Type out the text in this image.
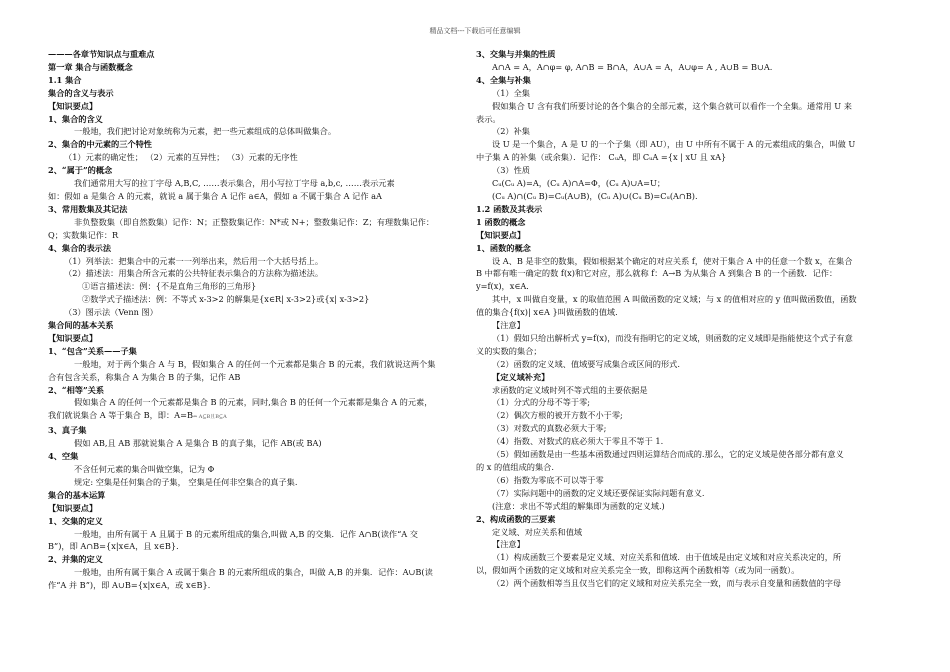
精品文档---下载后可任意编辑
———各章节知识点与重难点
第一章 集合与函数概念
1.1 集合
集合的含义与表示
【知识要点】
1、集合的含义
一般地，我们把讨论对象统称为元素，把一些元素组成的总体叫做集合。
2、集合的中元素的三个特性
（1）元素的确定性； （2）元素的互异性； （3）元素的无序性
2、“属于”的概念
我们通常用大写的拉丁字母 A,B,C, ……表示集合，用小写拉丁字母 a,b,c, ……表示元素
如：假如 a 是集合 A 的元素，就说 a 属于集合 A 记作 a∈A，假如 a 不属于集合 A 记作 aA
3、常用数集及其记法
非负整数集（即自然数集）记作：N；正整数集记作：N*或 N+；整数集记作：Z；有理数集记作：
Q；实数集记作：R
4、集合的表示法
（1）列举法：把集合中的元素一一列举出来，然后用一个大括号括上。
（2）描述法：用集合所含元素的公共特征表示集合的方法称为描述法。
①语言描述法：例：{不是直角三角形的三角形}
②数学式子描述法：例：不等式 x-3>2 的解集是{x∈R| x-3>2}或{x| x-3>2}
（3）图示法（Venn 图）
集合间的基本关系
【知识要点】
1、“包含”关系——子集
一般地，对于两个集合 A 与 B，假如集合 A 的任何一个元素都是集合 B 的元素，我们就说这两个集
合有包含关系，称集合 A 为集合 B 的子集，记作 AB
2、“相等”关系
假如集合 A 的任何一个元素都是集合 B 的元素，同时,集合 B 的任何一个元素都是集合 A 的元素，
我们就说集合 A 等于集合 B，即：A=B⇔ A⊆B且B⊆A
3、真子集
假如 AB,且 AB 那就说集合 A 是集合 B 的真子集，记作 AB(或 BA)
4、空集
不含任何元素的集合叫做空集，记为 Φ
规定: 空集是任何集合的子集， 空集是任何非空集合的真子集.
集合的基本运算
【知识要点】
1、交集的定义
一般地，由所有属于 A 且属于 B 的元素所组成的集合,叫做 A,B 的交集．记作 A∩B(读作“A 交
B”)，即 A∩B={x|x∈A，且 x∈B}．
2、并集的定义
一般地，由所有属于集合 A 或属于集合 B 的元素所组成的集合，叫做 A,B 的并集．记作：A∪B(读
作“A 并 B”)，即 A∪B={x|x∈A，或 x∈B}．
3、交集与并集的性质
A∩A = A，A∩φ= φ, A∩B = B∩A，A∪A = A，A∪φ= A , A∪B = B∪A.
4、全集与补集
（1）全集
假如集合 U 含有我们所要讨论的各个集合的全部元素，这个集合就可以看作一个全集。通常用 U 来
表示。
（2）补集
设 U 是一个集合，A 是 U 的一个子集（即 AU），由 U 中所有不属于 A 的元素组成的集合，叫做 U
中子集 A 的补集（或余集）．记作： CᵤA，即 CᵤA ={x | xU 且 xA}
（3）性质
Cᵤ(Cᵤ A)=A，(Cᵤ A)∩A=Φ，(Cᵤ A)∪A=U；
(Cᵤ A)∩(Cᵤ B)=Cᵤ(A∪B)，(Cᵤ A)∪(Cᵤ B)=Cᵤ(A∩B).
1.2 函数及其表示
1 函数的概念
【知识要点】
1、函数的概念
设 A、B 是非空的数集，假如根据某个确定的对应关系 f，使对于集合 A 中的任意一个数 x，在集合
B 中都有唯一确定的数 f(x)和它对应，那么就称 f：A→B 为从集合 A 到集合 B 的一个函数．记作：
y=f(x)，x∈A．
其中，x 叫做自变量，x 的取值范围 A 叫做函数的定义域；与 x 的值相对应的 y 值叫做函数值，函数
值的集合{f(x)| x∈A }叫做函数的值域．
【注意】
（1）假如只给出解析式 y=f(x)，而没有指明它的定义域，则函数的定义域即是指能使这个式子有意
义的实数的集合；
（2）函数的定义域、值域要写成集合或区间的形式.
【定义域补充】
求函数的定义域时列不等式组的主要依据是
（1）分式的分母不等于零;
（2）偶次方根的被开方数不小于零;
（3）对数式的真数必须大于零;
（4）指数、对数式的底必须大于零且不等于 1.
（5）假如函数是由一些基本函数通过四则运算结合而成的.那么，它的定义域是使各部分都有意义
的 x 的值组成的集合.
（6）指数为零底不可以等于零
（7）实际问题中的函数的定义域还要保证实际问题有意义.
(注意：求出不等式组的解集即为函数的定义域.)
2、构成函数的三要素
定义域、对应关系和值域
【注意】
（1）构成函数三个要素是定义域、对应关系和值域．由于值域是由定义域和对应关系决定的，所
以，假如两个函数的定义域和对应关系完全一致，即称这两个函数相等（或为同一函数）。
（2）两个函数相等当且仅当它们的定义域和对应关系完全一致，而与表示自变量和函数值的字母
